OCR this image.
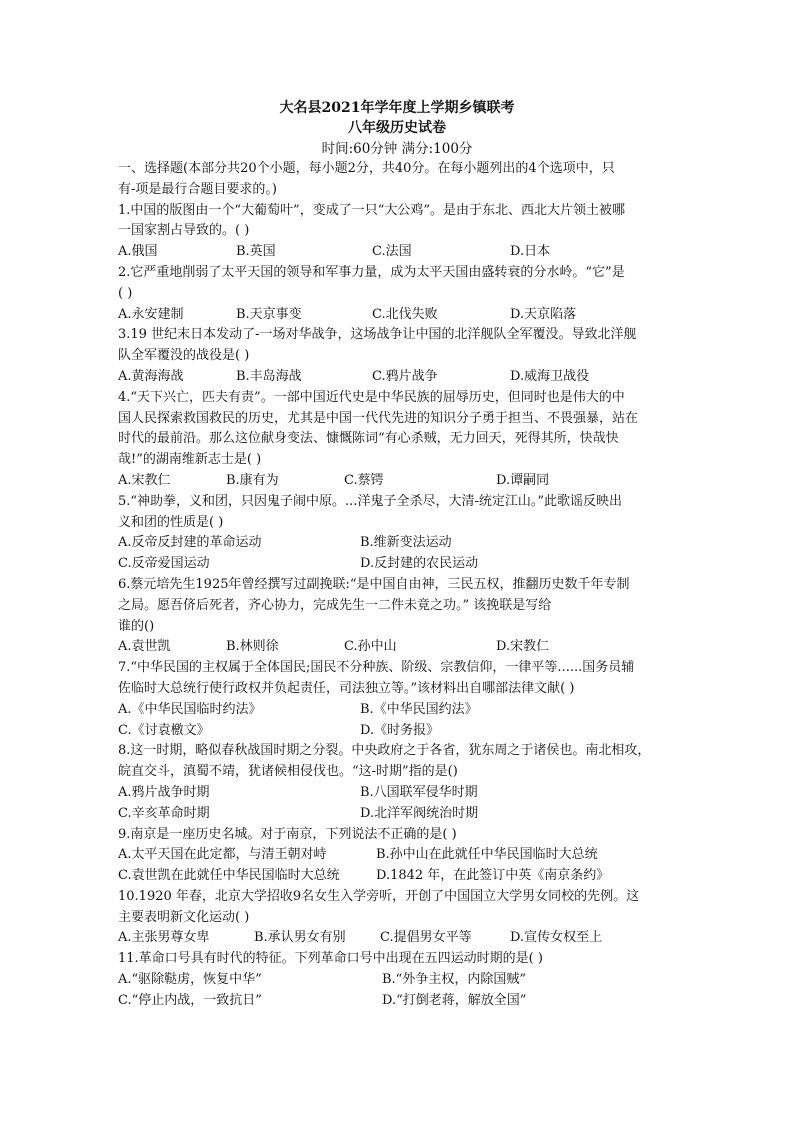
大名县2021年学年度上学期乡镇联考
八年级历史试卷
时间:60分钟 满分:100分

一、选择题(本部分共20个小题，每小题2分，共40分。在每小题列出的4个选项中，只
有-项是最行合题目要求的。)

1.中国的版图由一个“大葡萄叶”，变成了一只“大公鸡”。是由于东北、西北大片领土被哪
一国家割占导致的。( )

A.俄国	B.英国	C.法国	D.日本

2.它严重地削弱了太平天国的领导和军事力量，成为太平天国由盛转衰的分水岭。“它”是
( )

A.永安建制	B.天京事变	C.北伐失败	D.天京陷落

3.19 世纪末日本发动了-一场对华战争，这场战争让中国的北洋舰队全军覆没。导致北洋舰
队全军覆没的战役是( )

A.黄海海战	B.丰岛海战	C.鸦片战争	D.威海卫战役

4.“天下兴亡，匹夫有责”。一部中国近代史是中华民族的屈辱历史，但同时也是伟大的中
国人民探索救国救民的历史，尤其是中国一代代先进的知识分子勇于担当、不畏强暴，站在
时代的最前沿。那么这位献身变法、慷慨陈词“有心杀贼，无力回天，死得其所，快哉快
哉!”的湖南维新志士是( )

A.宋教仁	B.康有为	C.蔡锷	D.谭嗣同

5.“神助拳，义和团，只因鬼子闹中原。...洋鬼子全杀尽，大清-统定江山。”此歌谣反映出
义和团的性质是( )

A.反帝反封建的革命运动	B.维新变法运动
C.反帝爱国运动	D.反封建的农民运动

6.蔡元培先生1925年曾经撰写过副挽联:“是中国自由神，三民五权，推翻历史数千年专制
之局。愿吾侪后死者，齐心协力，完成先生一二件未竟之功。” 该挽联是写给
谁的()

A.袁世凯	B.林则徐	C.孙中山	D.宋教仁

7.“中华民国的主权属于全体国民;国民不分种族、阶级、宗教信仰，一律平等......国务员辅
佐临时大总统行使行政权并负起责任，司法独立等。”该材料出自哪部法律文献( )

A.《中华民国临时约法》	B.《中华民国约法》
C.《讨袁檄文》	D.《时务报》

8.这一时期，略似春秋战国时期之分裂。中央政府之于各省，犹东周之于诸侯也。南北相攻，
皖直交斗，滇蜀不靖，犹诸候相侵伐也。“这-时期”指的是()

A.鸦片战争时期	B.八国联军侵华时期
C.辛亥革命时期	D.北洋军阀统治时期

9.南京是一座历史名城。对于南京，下列说法不正确的是( )

A.太平天国在此定都，与清王朝对峙	B.孙中山在此就任中华民国临时大总统
C.袁世凯在此就任中华民国临时大总统	D.1842 年，在此签订中英《南京条约》

10.1920 年春，北京大学招收9名女生入学旁听，开创了中国国立大学男女同校的先例。这
主要表明新文化运动( )

A.主张男尊女卑	B.承认男女有别	C.提倡男女平等	D.宣传女权至上

11.革命口号具有时代的特征。下列革命口号中出现在五四运动时期的是( )

A.“驱除鞑虏，恢复中华”	B.“外争主权，内除国贼”
C.“停止内战，一致抗日”	D.“打倒老蒋，解放全国”
